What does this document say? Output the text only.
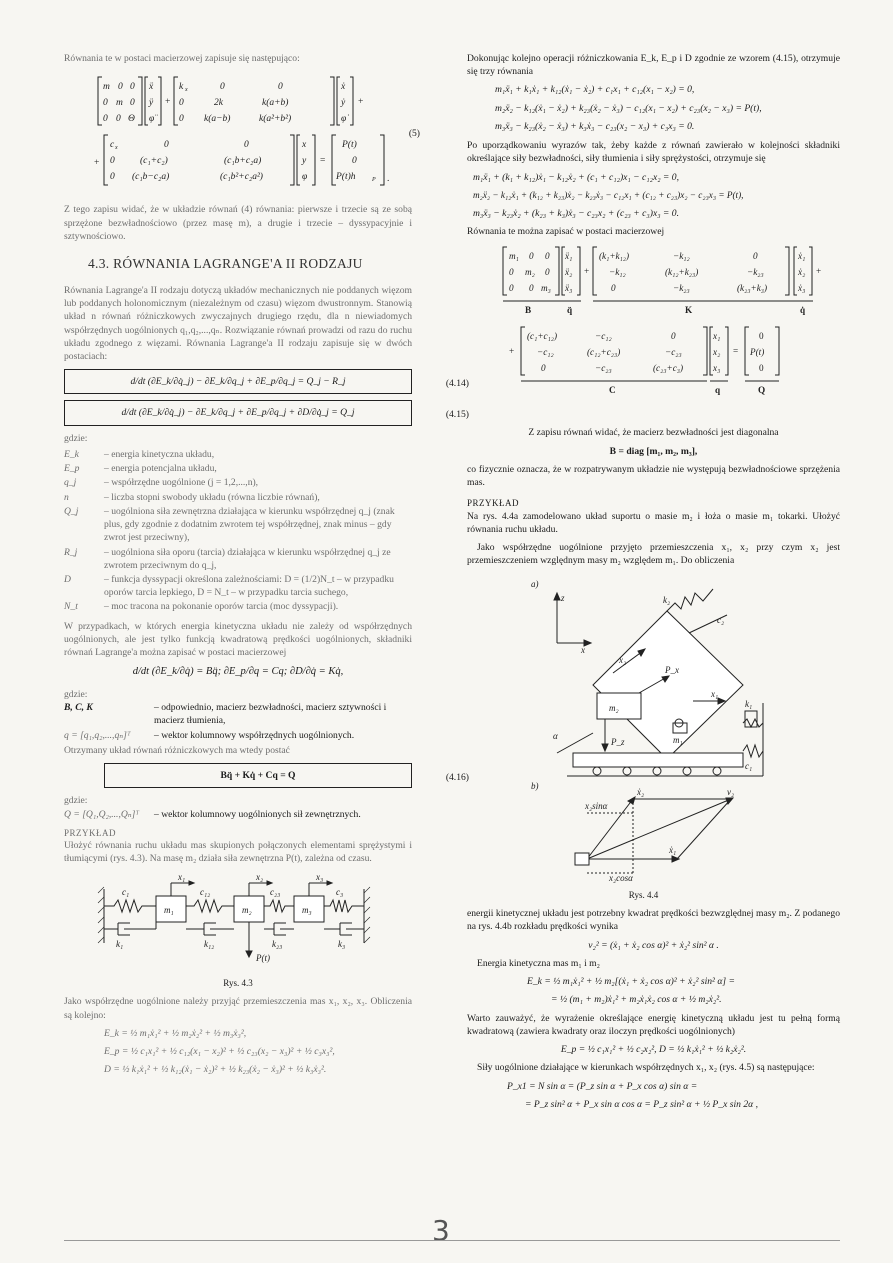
Równania te w postaci macierzowej zapisuje się następująco:

m 0 0
0 m 0
0 0 Θ
ẍ
ÿ
φ̈
+
k x	0	0
0	2k	k(a+b)
0 k(a−b)	k(a²+b²)
ẋ
ẏ
φ̇
+
+
c x	0	0
0	(c₁+c₂)	(c₁b+c₂a)
0 (c₁b−c₂a)	(c₁b²+c₂a²)
x
y
φ
=
P(t)
0
P(t)h	P .
(5)

Z tego zapisu widać, że w układzie równań (4) równania: pierwsze i trzecie są ze sobą sprzężone bezwładnościowo (przez masę m), a drugie i trzecie – dyssypacyjnie i sztywnościowo.

4.3. RÓWNANIA LAGRANGE'A II RODZAJU

Równania Lagrange'a II rodzaju dotyczą układów mechanicznych nie poddanych więzom lub poddanych holonomicznym (niezależnym od czasu) więzom dwustronnym. Stanowią układ n równań różniczkowych zwyczajnych drugiego rzędu, dla n niewiadomych współrzędnych uogólnionych q₁,q₂,...,qₙ. Rozwiązanie równań prowadzi od razu do ruchu układu zgodnego z więzami. Równania Lagrange'a II rodzaju zapisuje się w dwóch postaciach:

d/dt (∂E_k/∂q̇_j) − ∂E_k/∂q_j + ∂E_p/∂q_j = Q_j − R_j	(4.14)
d/dt (∂E_k/∂q̇_j) − ∂E_k/∂q_j + ∂E_p/∂q_j + ∂D/∂q̇_j = Q_j	(4.15)
gdzie:
E_k	– energia kinetyczna układu,
E_p	– energia potencjalna układu,
q_j	– współrzędne uogólnione (j = 1,2,...,n),
n	– liczba stopni swobody układu (równa liczbie równań),
Q_j	– uogólniona siła zewnętrzna działająca w kierunku współrzędnej q_j (znak plus, gdy zgodnie z dodatnim zwrotem tej współrzędnej, znak minus – gdy zwrot jest przeciwny),
R_j	– uogólniona siła oporu (tarcia) działająca w kierunku współrzędnej q_j ze zwrotem przeciwnym do q_j,
D	– funkcja dyssypacji określona zależnościami: D = (1/2)N_t – w przypadku oporów tarcia lepkiego, D = N_t – w przypadku tarcia suchego,
N_t	– moc tracona na pokonanie oporów tarcia (moc dyssypacji).

W przypadkach, w których energia kinetyczna układu nie zależy od współrzędnych uogólnionych, ale jest tylko funkcją kwadratową prędkości uogólnionych, składniki równań Lagrange'a można zapisać w postaci macierzowej

d/dt (∂E_k/∂q̇) = Bq̈; ∂E_p/∂q = Cq; ∂D/∂q̇ = Kq̇,
gdzie:
B, C, K	– odpowiednio, macierz bezwładności, macierz sztywności i macierz tłumienia,
q = [q₁,q₂,...,qₙ]ᵀ	– wektor kolumnowy współrzędnych uogólnionych.

Otrzymany układ równań różniczkowych ma wtedy postać

Bq̈ + Kq̇ + Cq = Q	(4.16)
gdzie:
Q = [Q₁,Q₂,...,Qₙ]ᵀ	– wektor kolumnowy uogólnionych sił zewnętrznych.
PRZYKŁAD

Ułożyć równania ruchu układu mas skupionych połączonych elementami sprężystymi i tłumiącymi (rys. 4.3). Na masę m₂ działa siła zewnętrzna P(t), zależna od czasu.

x₁	x₂	x₃
c₁	c₁₂	c₂₃	c₃
m₁	m₂	m₃
k₁	k₁₂	k₂₃	k₃
P(t)
Rys. 4.3

Jako współrzędne uogólnione należy przyjąć przemieszczenia mas x₁, x₂, x₃. Obliczenia są kolejno:

E_k = ½ m₁ẋ₁² + ½ m₂ẋ₂² + ½ m₃ẋ₃²,
E_p = ½ c₁x₁² + ½ c₁₂(x₁ − x₂)² + ½ c₂₃(x₂ − x₃)² + ½ c₃x₃²,
D = ½ k₁ẋ₁² + ½ k₁₂(ẋ₁ − ẋ₂)² + ½ k₂₃(ẋ₂ − ẋ₃)² + ½ k₃ẋ₃².

Dokonując kolejno operacji różniczkowania E_k, E_p i D zgodnie ze wzorem (4.15), otrzymuje się trzy równania

m₁ẍ₁ + k₁ẋ₁ + k₁₂(ẋ₁ − ẋ₂) + c₁x₁ + c₁₂(x₁ − x₂) = 0,
m₂ẍ₂ − k₁₂(ẋ₁ − ẋ₂) + k₂₃(ẋ₂ − ẋ₃) − c₁₂(x₁ − x₂) + c₂₃(x₂ − x₃) = P(t),
m₃ẍ₃ − k₂₃(ẋ₂ − ẋ₃) + k₃ẋ₃ − c₂₃(x₂ − x₃) + c₃x₃ = 0.

Po uporządkowaniu wyrazów tak, żeby każde z równań zawierało w kolejności składniki określające siły bezwładności, siły tłumienia i siły sprężystości, otrzymuje się

m₁ẍ₁ + (k₁ + k₁₂)ẋ₁ − k₁₂ẋ₂ + (c₁ + c₁₂)x₁ − c₁₂x₂ = 0,
m₂ẍ₂ − k₁₂ẋ₁ + (k₁₂ + k₂₃)ẋ₂ − k₂₃ẋ₃ − c₁₂x₁ + (c₁₂ + c₂₃)x₂ − c₂₃x₃ = P(t),
m₃ẍ₃ − k₂₃ẋ₂ + (k₂₃ + k₃)ẋ₃ − c₂₃x₂ + (c₂₃ + c₃)x₃ = 0.

Równania te można zapisać w postaci macierzowej

m₁ 0 0
0 m₂ 0
0 0 m₃
ẍ₁
ẍ₂
ẍ₃
+
(k₁+k₁₂)	−k₁₂	0
−k₁₂	(k₁₂+k₂₃)	−k₂₃
0	−k₂₃	(k₂₃+k₃)
ẋ₁
ẋ₂
ẋ₃
+
B	q̈	K	q̇
+
(c₁+c₁₂)	−c₁₂	0
−c₁₂	(c₁₂+c₂₃)	−c₂₃
0	−c₂₃	(c₂₃+c₃)
x₁
x₂
x₃
=
0
P(t)
0
C	q	Q

Z zapisu równań widać, że macierz bezwładności jest diagonalna

B = diag [m₁, m₂, m₃],

co fizycznie oznacza, że w rozpatrywanym układzie nie występują bezwładnościowe sprzężenia mas.

PRZYKŁAD

Na rys. 4.4a zamodelowano układ suportu o masie m₂ i łoża o masie m₁ tokarki. Ułożyć równania ruchu układu.

Jako współrzędne uogólnione przyjęto przemieszczenia x₁, x₂ przy czym x₂ jest przemieszczeniem względnym masy m₂ względem m₁. Do obliczenia

a)
z
x
k₂
c₂
x₂
P_x
P_z
m₂
m₁
x₁
k₁
c₁
α
b)
x₂sinα
x₂cosα
v₂
ẋ₁
ẋ₂
Rys. 4.4

energii kinetycznej układu jest potrzebny kwadrat prędkości bezwzględnej masy m₂. Z podanego na rys. 4.4b rozkładu prędkości wynika

v₂² = (ẋ₁ + ẋ₂ cos α)² + ẋ₂² sin² α .

Energia kinetyczna mas m₁ i m₂

E_k = ½ m₁ẋ₁² + ½ m₂[(ẋ₁ + ẋ₂ cos α)² + ẋ₂² sin² α] =
= ½ (m₁ + m₂)ẋ₁² + m₂ẋ₁ẋ₂ cos α + ½ m₂ẋ₂².

Warto zauważyć, że wyrażenie określające energię kinetyczną układu jest tu pełną formą kwadratową (zawiera kwadraty oraz iloczyn prędkości uogólnionych)

E_p = ½ c₁x₁² + ½ c₂x₂², D = ½ k₁ẋ₁² + ½ k₂ẋ₂².

Siły uogólnione działające w kierunkach współrzędnych x₁, x₂ (rys. 4.5) są następujące:

P_x1 = N sin α = (P_z sin α + P_x cos α) sin α =
= P_z sin² α + P_x sin α cos α = P_z sin² α + ½ P_x sin 2α ,
3
